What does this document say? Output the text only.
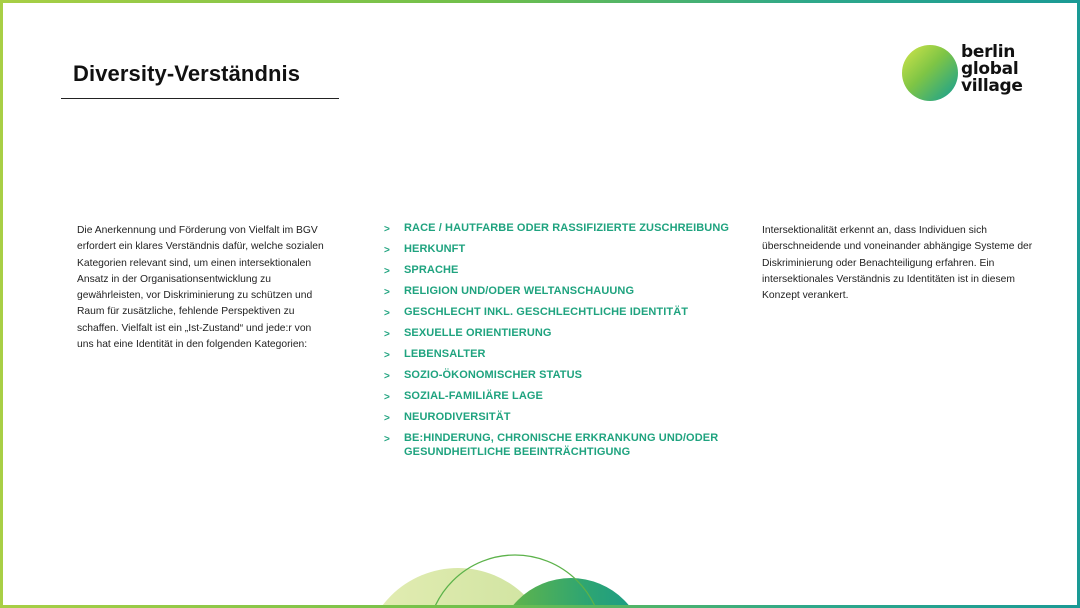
Diversity-Verständnis
berlin
global
village

Die Anerkennung und Förderung von Vielfalt im BGV erfordert ein klares Verständnis dafür, welche sozialen Kategorien relevant sind, um einen intersektionalen Ansatz in der Organisationsentwicklung zu gewährleisten, vor Diskriminierung zu schützen und Raum für zusätzliche, fehlende Perspektiven zu schaffen. Vielfalt ist ein „Ist-Zustand“ und jede:r von uns hat eine Identität in den folgenden Kategorien:

> RACE / HAUTFARBE ODER RASSIFIZIERTE ZUSCHREIBUNG
> HERKUNFT
> SPRACHE
> RELIGION UND/ODER WELTANSCHAUUNG
> GESCHLECHT INKL. GESCHLECHTLICHE IDENTITÄT
> SEXUELLE ORIENTIERUNG
> LEBENSALTER
> SOZIO-ÖKONOMISCHER STATUS
> SOZIAL-FAMILIÄRE LAGE
> NEURODIVERSITÄT
> BE:HINDERUNG, CHRONISCHE ERKRANKUNG UND/ODER GESUNDHEITLICHE BEEINTRÄCHTIGUNG

Intersektionalität erkennt an, dass Individuen sich überschneidende und voneinander abhängige Systeme der Diskriminierung oder Benachteiligung erfahren. Ein intersektionales Verständnis zu Identitäten ist in diesem Konzept verankert.
